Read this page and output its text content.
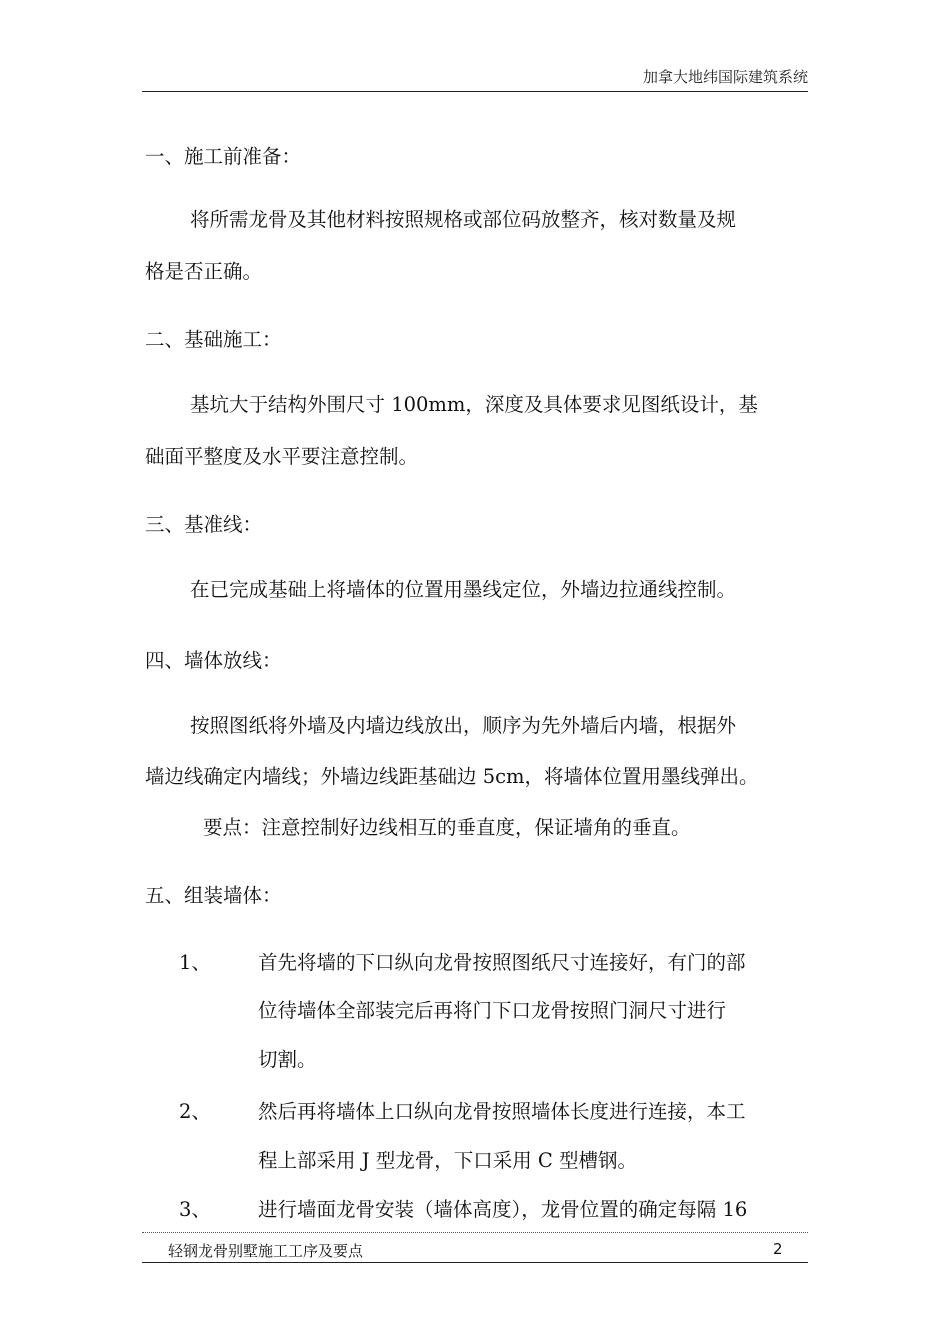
加拿大地纬国际建筑系统
一、施工前准备：
将所需龙骨及其他材料按照规格或部位码放整齐，核对数量及规
格是否正确。
二、基础施工：
基坑大于结构外围尺寸 100mm，深度及具体要求见图纸设计，基
础面平整度及水平要注意控制。
三、基准线：
在已完成基础上将墙体的位置用墨线定位，外墙边拉通线控制。
四、墙体放线：
按照图纸将外墙及内墙边线放出，顺序为先外墙后内墙，根据外
墙边线确定内墙线；外墙边线距基础边 5cm，将墙体位置用墨线弹出。
要点：注意控制好边线相互的垂直度，保证墙角的垂直。
五、组装墙体：
1、 首先将墙的下口纵向龙骨按照图纸尺寸连接好，有门的部
位待墙体全部装完后再将门下口龙骨按照门洞尺寸进行
切割。
2、 然后再将墙体上口纵向龙骨按照墙体长度进行连接，本工
程上部采用 J 型龙骨，下口采用 C 型槽钢。
3、 进行墙面龙骨安装（墙体高度），龙骨位置的确定每隔 16
轻钢龙骨别墅施工工序及要点	2
